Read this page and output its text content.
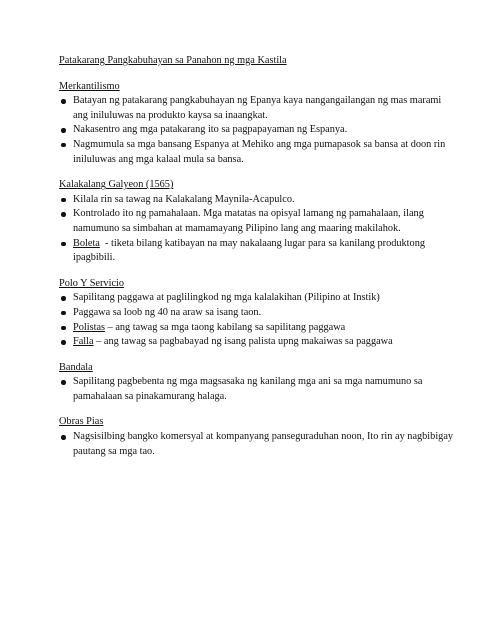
Patakarang Pangkabuhayan sa Panahon ng mga Kastila

Merkantilismo

Batayan ng patakarang pangkabuhayan ng Epanya kaya nangangailangan ng mas marami ang iniluluwas na produkto kaysa sa inaangkat.
Nakasentro ang mga patakarang ito sa pagpapayaman ng Espanya.
Nagmumula sa mga bansang Espanya at Mehiko ang mga pumapasok sa bansa at doon rin iniluluwas ang mga kalaal mula sa bansa.

Kalakalang Galyeon (1565)

Kilala rin sa tawag na Kalakalang Maynila-Acapulco.
Kontrolado ito ng pamahalaan. Mga matatas na opisyal lamang ng pamahalaan, ilang namumuno sa simbahan at mamamayang Pilipino lang ang maaring makilahok.
Boleta  - tiketa bilang katibayan na may nakalaang lugar para sa kanilang produktong ipagbibili.

Polo Y Servicio

Sapilitang paggawa at paglilingkod ng mga kalalakihan (Pilipino at Instik)
Paggawa sa loob ng 40 na araw sa isang taon.
Polistas – ang tawag sa mga taong kabilang sa sapilitang paggawa
Falla – ang tawag sa pagbabayad ng isang palista upng makaiwas sa paggawa

Bandala

Sapilitang pagbebenta ng mga magsasaka ng kanilang mga ani sa mga namumuno sa pamahalaan sa pinakamurang halaga.

Obras Pias

Nagsisilbing bangko komersyal at kompanyang panseguraduhan noon, Ito rin ay nagbibigay pautang sa mga tao.
